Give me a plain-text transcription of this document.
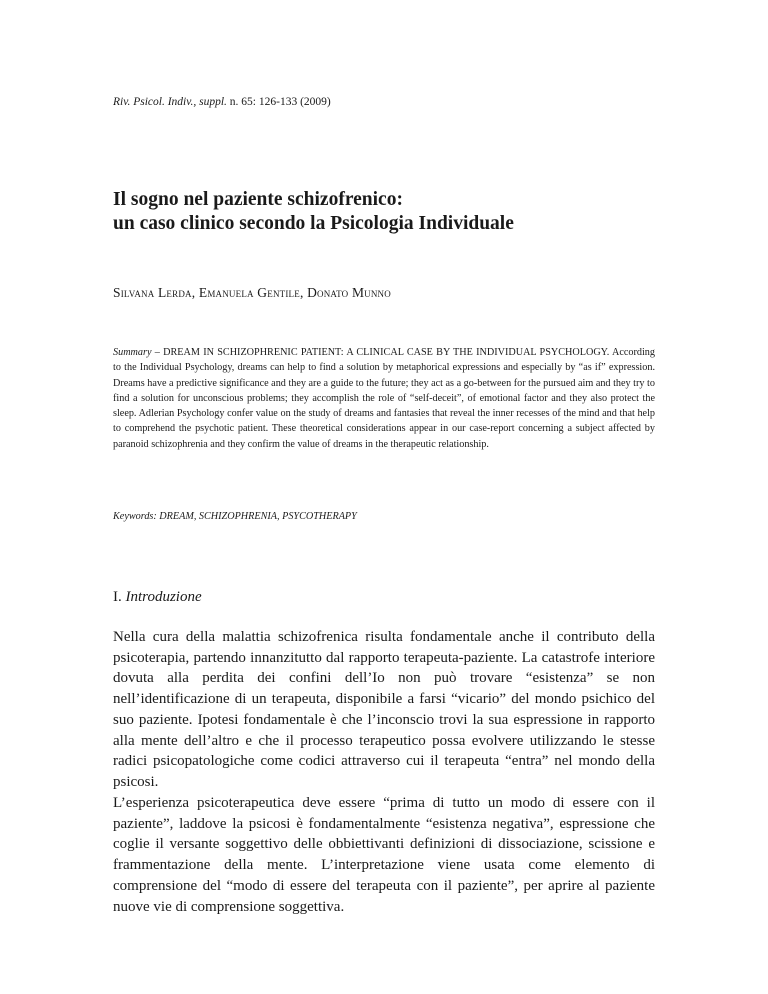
Riv. Psicol. Indiv., suppl. n. 65: 126-133 (2009)
Il sogno nel paziente schizofrenico:
un caso clinico secondo la Psicologia Individuale
Silvana Lerda, Emanuela Gentile, Donato Munno
Summary – DREAM IN SCHIZOPHRENIC PATIENT: A CLINICAL CASE BY THE INDIVIDUAL PSYCHOLOGY. According to the Individual Psychology, dreams can help to find a solution by metaphorical expressions and especially by “as if” expression. Dreams have a predictive significance and they are a guide to the future; they act as a go-between for the pursued aim and they try to find a solution for unconscious problems; they accomplish the role of “self-deceit”, of emotional factor and they also protect the sleep. Adlerian Psychology confer value on the study of dreams and fantasies that reveal the inner recesses of the mind and that help to comprehend the psychotic patient. These theoretical considerations appear in our case-report concerning a subject affected by paranoid schizophrenia and they confirm the value of dreams in the therapeutic relationship.
Keywords: DREAM, SCHIZOPHRENIA, PSYCOTHERAPY
I. Introduzione
Nella cura della malattia schizofrenica risulta fondamentale anche il contributo della psicoterapia, partendo innanzitutto dal rapporto terapeuta-paziente. La catastrofe interiore dovuta alla perdita dei confini dell’Io non può trovare “esistenza” se non nell’identificazione di un terapeuta, disponibile a farsi “vicario” del mondo psichico del suo paziente. Ipotesi fondamentale è che l’inconscio trovi la sua espressione in rapporto alla mente dell’altro e che il processo terapeutico possa evolvere utilizzando le stesse radici psicopatologiche come codici attraverso cui il terapeuta “entra” nel mondo della psicosi.
L’esperienza psicoterapeutica deve essere “prima di tutto un modo di essere con il paziente”, laddove la psicosi è fondamentalmente “esistenza negativa”, espressione che coglie il versante soggettivo delle obbiettivanti definizioni di dissociazione, scissione e frammentazione della mente. L’interpretazione viene usata come elemento di comprensione del “modo di essere del terapeuta con il paziente”, per aprire al paziente nuove vie di comprensione soggettiva.
